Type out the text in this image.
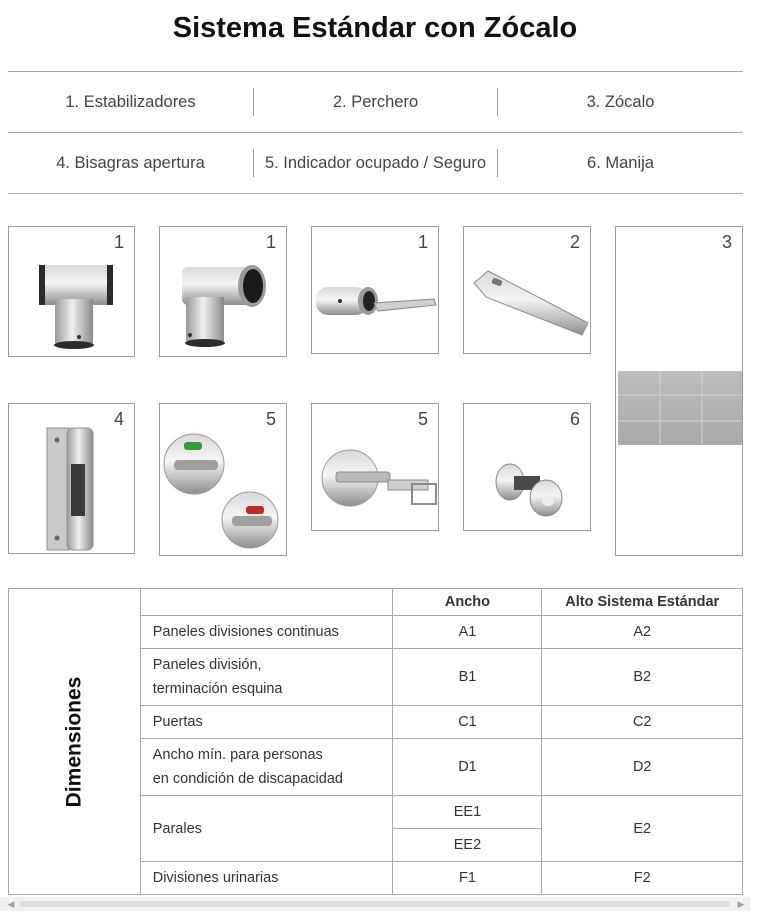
Sistema Estándar con Zócalo
1. Estabilizadores	2. Perchero	3. Zócalo
4. Bisagras apertura	5. Indicador ocupado / Seguro	6. Manija
1	1	1	2	3
4	5	5	6
Dimensiones		Ancho	Alto Sistema Estándar
	Paneles divisiones continuas	A1	A2

	Paneles división,
terminación esquina	B1	B2
	Puertas	C1	C2

	Ancho mín. para personas
en condición de discapacidad	D1	D2
	Parales	EE1	E2
		EE2	
	Divisiones urinarias	F1	F2
◀	▶
